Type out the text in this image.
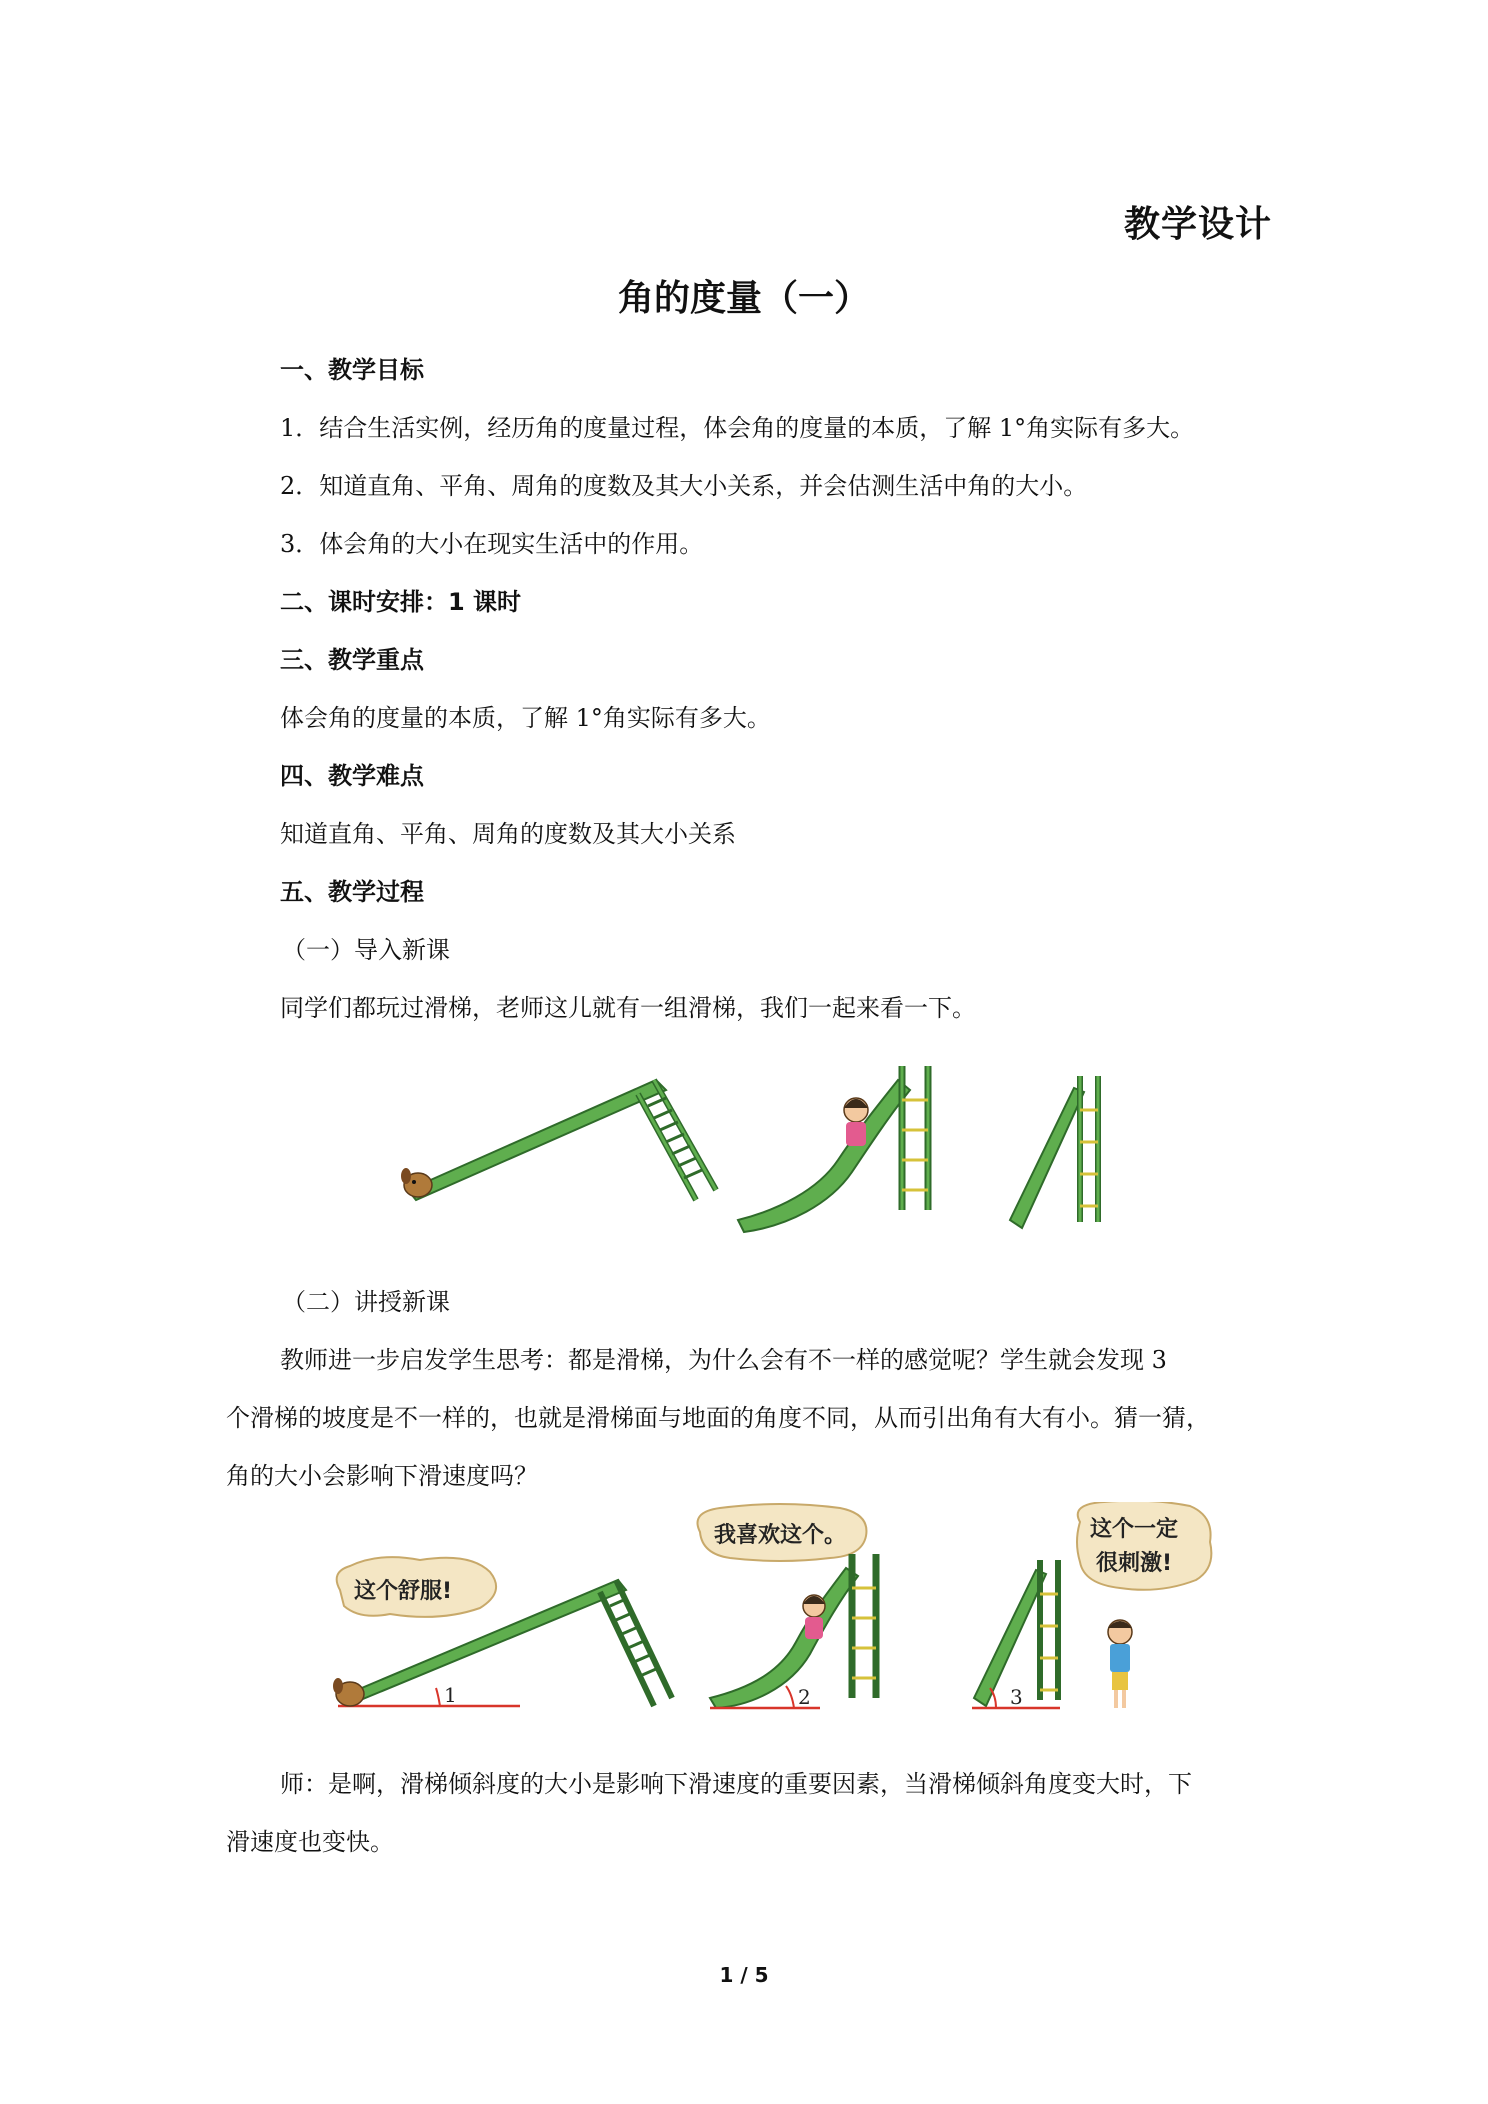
教学设计
角的度量（一）
一、教学目标
1．结合生活实例，经历角的度量过程，体会角的度量的本质，了解 1°角实际有多大。
2．知道直角、平角、周角的度数及其大小关系，并会估测生活中角的大小。
3．体会角的大小在现实生活中的作用。
二、课时安排：1 课时
三、教学重点
体会角的度量的本质，了解 1°角实际有多大。
四、教学难点
知道直角、平角、周角的度数及其大小关系
五、教学过程
（一）导入新课
同学们都玩过滑梯，老师这儿就有一组滑梯，我们一起来看一下。
（二）讲授新课
教师进一步启发学生思考：都是滑梯，为什么会有不一样的感觉呢？学生就会发现 3
个滑梯的坡度是不一样的，也就是滑梯面与地面的角度不同，从而引出角有大有小。猜一猜，
角的大小会影响下滑速度吗？
这个舒服!
我喜欢这个。	这个一定
很刺激!
1	2	3
师：是啊，滑梯倾斜度的大小是影响下滑速度的重要因素，当滑梯倾斜角度变大时，下
滑速度也变快。
1 / 5
